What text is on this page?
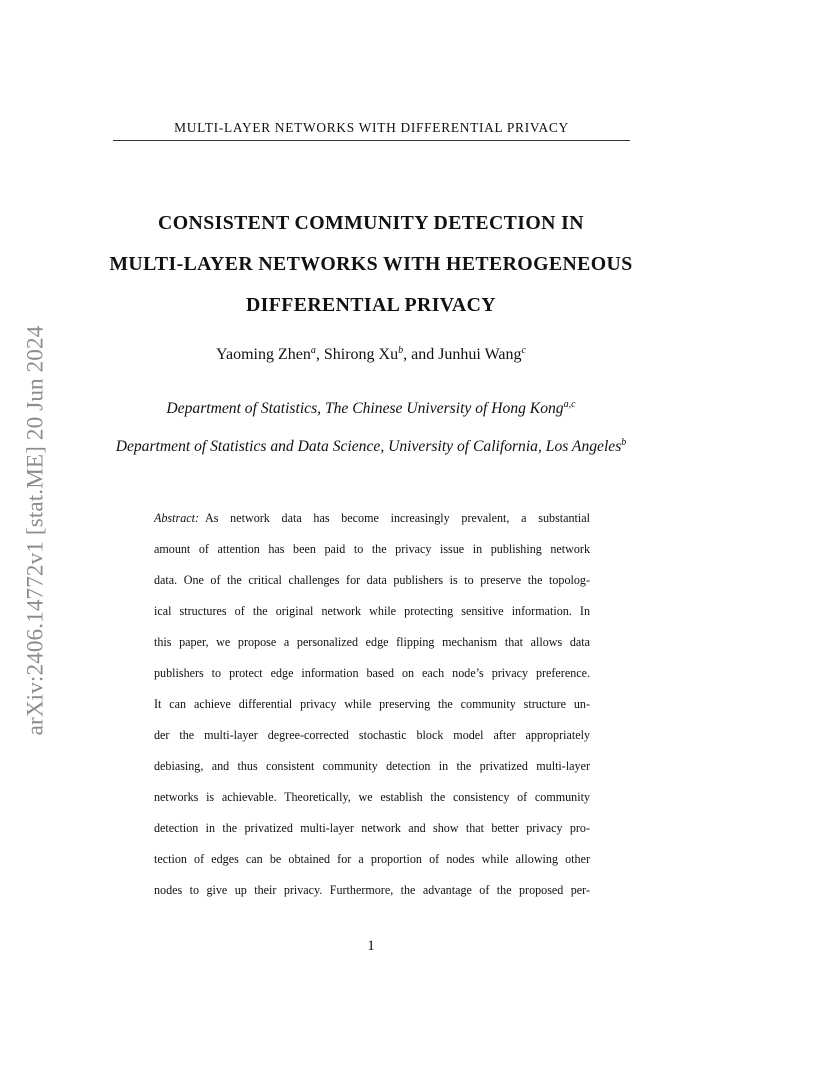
arXiv:2406.14772v1 [stat.ME] 20 Jun 2024
MULTI-LAYER NETWORKS WITH DIFFERENTIAL PRIVACY
CONSISTENT COMMUNITY DETECTION IN
MULTI-LAYER NETWORKS WITH HETEROGENEOUS
DIFFERENTIAL PRIVACY
Yaoming Zhen$^a$, Shirong Xu$^b$, and Junhui Wang$^c$
Department of Statistics, The Chinese University of Hong Kong$^{a,c}$
Department of Statistics and Data Science, University of California, Los Angeles$^b$
Abstract: As network data has become increasingly prevalent, a substantial
amount of attention has been paid to the privacy issue in publishing network
data. One of the critical challenges for data publishers is to preserve the topolog-
ical structures of the original network while protecting sensitive information. In
this paper, we propose a personalized edge flipping mechanism that allows data
publishers to protect edge information based on each node’s privacy preference.
It can achieve differential privacy while preserving the community structure un-
der the multi-layer degree-corrected stochastic block model after appropriately
debiasing, and thus consistent community detection in the privatized multi-layer
networks is achievable. Theoretically, we establish the consistency of community
detection in the privatized multi-layer network and show that better privacy pro-
tection of edges can be obtained for a proportion of nodes while allowing other
nodes to give up their privacy. Furthermore, the advantage of the proposed per-
1
